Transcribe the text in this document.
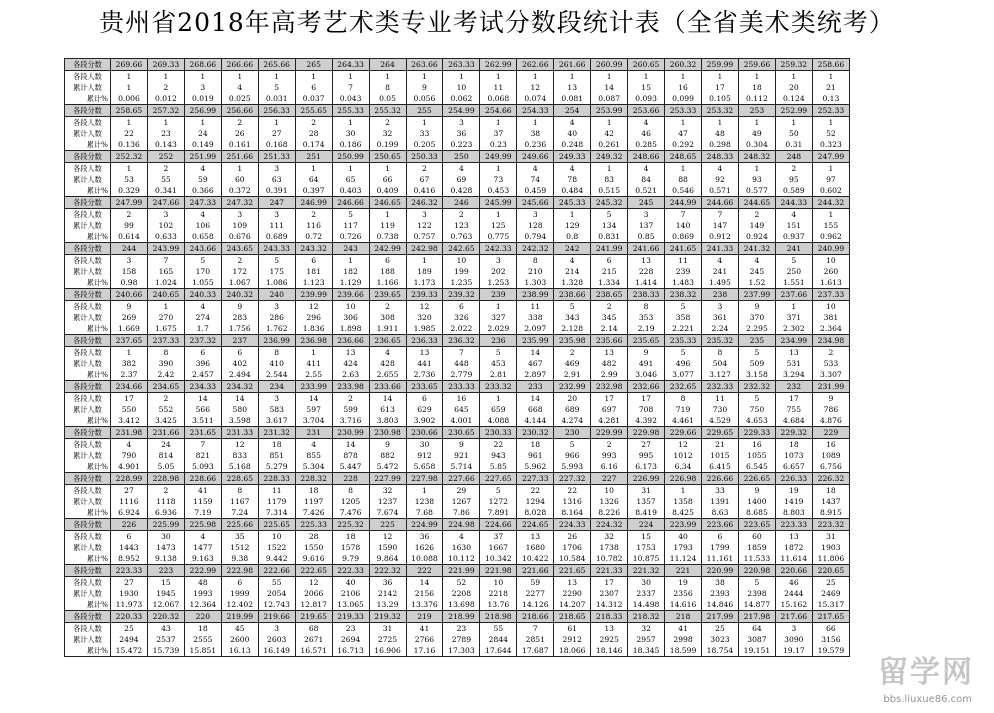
贵州省2018年高考艺术类专业考试分数段统计表（全省美术类统考）
各段分数	269.66	269.33	268.66	266.66	265.66	265	264.33	264	263.66	263.33	262.99	262.66	261.66	260.99	260.65	260.32	259.99	259.66	259.32	258.66
各段人数	1	1	1	1	1	1	1	1	1	1	1	1	1	1	1	1	1	1	1	1
累计人数	1	2	3	4	5	6	7	8	9	10	11	12	13	14	15	16	17	18	20	21
累计%	0.006	0.012	0.019	0.025	0.031	0.037	0.043	0.05	0.056	0.062	0.068	0.074	0.081	0.087	0.093	0.099	0.105	0.112	0.124	0.13
各段分数	258.65	257.32	256.99	256.66	256.33	255.65	255.33	255.32	255	254.99	254.66	254.33	254	253.99	253.66	253.33	253.32	253	252.99	252.33
各段人数	1	1	1	2	1	2	1	2	1	3	1	1	4	1	4	1	1	1	1	1
累计人数	22	23	24	26	27	28	30	32	33	36	37	38	40	42	46	47	48	49	50	52
累计%	0.136	0.143	0.149	0.161	0.168	0.174	0.186	0.199	0.205	0.223	0.23	0.236	0.248	0.261	0.285	0.292	0.298	0.304	0.31	0.323
各段分数	252.32	252	251.99	251.66	251.33	251	250.99	250.65	250.33	250	249.99	249.66	249.33	249.32	248.66	248.65	248.33	248.32	248	247.99
各段人数	1	2	4	1	3	1	1	1	2	4	1	4	4	1	4	1	4	1	2	1
累计人数	53	55	59	60	63	64	65	66	67	69	73	74	78	83	84	88	92	93	95	97
累计%	0.329	0.341	0.366	0.372	0.391	0.397	0.403	0.409	0.416	0.428	0.453	0.459	0.484	0.515	0.521	0.546	0.571	0.577	0.589	0.602
各段分数	247.99	247.66	247.33	247.32	247	246.99	246.66	246.65	246.32	246	245.99	245.66	245.33	245.32	245	244.99	244.66	244.65	244.33	244.32
各段人数	2	3	4	3	3	2	5	1	3	2	1	3	1	5	3	7	7	2	4	1
累计人数	99	102	106	109	111	116	117	119	122	123	125	128	129	134	137	140	147	149	151	155
累计%	0.614	0.633	0.658	0.676	0.689	0.72	0.726	0.738	0.757	0.763	0.775	0.794	0.8	0.831	0.85	0.869	0.912	0.924	0.937	0.962
各段分数	244	243.99	243.66	243.65	243.33	243.32	243	242.99	242.98	242.65	242.33	242.32	242	241.99	241.66	241.65	241.33	241.32	241	240.99
各段人数	3	7	5	2	5	6	1	6	1	10	3	8	4	6	13	11	4	4	5	10
累计人数	158	165	170	172	175	181	182	188	189	199	202	210	214	215	228	239	241	245	250	260
累计%	0.98	1.024	1.055	1.067	1.086	1.123	1.129	1.166	1.173	1.235	1.253	1.303	1.328	1.334	1.414	1.483	1.495	1.52	1.551	1.613
各段分数	240.66	240.65	240.33	240.32	240	239.99	239.66	239.65	239.33	239.32	239	238.99	238.66	238.65	238.33	238.32	238	237.99	237.66	237.33
各段人数	9	1	4	9	3	12	10	2	12	6	1	11	5	2	8	5	3	9	1	10
累计人数	269	270	274	283	286	296	306	308	320	326	327	338	343	345	353	358	361	370	371	381
累计%	1.669	1.675	1.7	1.756	1.762	1.836	1.898	1.911	1.985	2.022	2.029	2.097	2.128	2.14	2.19	2.221	2.24	2.295	2.302	2.364
各段分数	237.65	237.33	237.32	237	236.99	236.98	236.66	236.65	236.33	236.32	236	235.99	235.98	235.66	235.65	235.33	235.32	235	234.99	234.98
各段人数	1	8	6	6	8	1	13	4	13	7	5	14	2	13	9	5	8	5	13	2
累计人数	382	390	396	402	410	411	424	428	441	448	453	467	469	482	491	496	504	509	531	533
累计%	2.37	2.42	2.457	2.494	2.544	2.55	2.63	2.655	2.736	2.779	2.81	2.897	2.91	2.99	3.046	3.077	3.127	3.158	3.294	3.307
各段分数	234.66	234.65	234.33	234.32	234	233.99	233.98	233.66	233.65	233.33	233.32	233	232.99	232.98	232.66	232.65	232.33	232.32	232	231.99
各段人数	17	2	14	14	3	14	2	14	6	16	1	14	20	17	17	8	11	5	17	9
累计人数	550	552	566	580	583	597	599	613	629	645	659	668	689	697	708	719	730	750	755	786
累计%	3.412	3.425	3.511	3.598	3.617	3.704	3.716	3.803	3.902	4.001	4.088	4.144	4.274	4.281	4.392	4.461	4.529	4.653	4.684	4.876
各段分数	231.98	231.66	231.65	231.33	231.32	231	230.99	230.98	230.66	230.65	230.33	230.32	230	229.99	229.98	229.66	229.65	229.33	229.32	229
各段人数	4	24	7	12	18	4	14	9	30	9	22	18	5	2	27	12	21	16	18	16
累计人数	790	814	821	833	851	855	878	882	912	921	943	961	966	993	995	1012	1015	1055	1073	1089
累计%	4.901	5.05	5.093	5.168	5.279	5.304	5.447	5.472	5.658	5.714	5.85	5.962	5.993	6.16	6.173	6.34	6.415	6.545	6.657	6.756
各段分数	228.99	228.98	228.66	228.65	228.33	228.32	228	227.99	227.98	227.66	227.65	227.33	227.32	227	226.99	226.98	226.66	226.65	226.33	226.32
各段人数	27	2	41	8	11	18	8	32	1	29	5	22	22	10	31	1	33	9	19	18
累计人数	1116	1118	1159	1167	1179	1197	1205	1237	1238	1267	1272	1294	1316	1326	1357	1358	1391	1400	1419	1437
累计%	6.924	6.936	7.19	7.24	7.314	7.426	7.476	7.674	7.68	7.86	7.891	8.028	8.164	8.226	8.419	8.425	8.63	8.685	8.803	8.915
各段分数	226	225.99	225.98	225.66	225.65	225.33	225.32	225	224.99	224.98	224.66	224.65	224.33	224.32	224	223.99	223.66	223.65	223.33	223.32
各段人数	6	30	4	35	10	28	18	12	36	4	37	13	26	32	15	40	6	60	13	31
累计人数	1443	1473	1477	1512	1522	1550	1578	1590	1626	1630	1667	1680	1706	1738	1753	1793	1799	1859	1872	1903
累计%	8.952	9.138	9.163	9.38	9.442	9.616	9.79	9.864	10.088	10.112	10.342	10.422	10.584	10.782	10.875	11.124	11.161	11.533	11.614	11.806
各段分数	223.33	223	222.99	222.98	222.66	222.65	222.33	222.32	222	221.99	221.98	221.66	221.65	221.33	221.32	221	220.99	220.98	220.66	220.65
各段人数	27	15	48	6	55	12	40	36	14	52	10	59	13	17	30	19	38	5	46	25
累计人数	1930	1945	1993	1999	2054	2066	2106	2142	2156	2208	2218	2277	2290	2307	2337	2356	2393	2398	2444	2469
累计%	11.973	12.067	12.364	12.402	12.743	12.817	13.065	13.29	13.376	13.698	13.76	14.126	14.207	14.312	14.498	14.616	14.846	14.877	15.162	15.317
各段分数	220.33	220.32	220	219.99	219.66	219.65	219.33	219.32	219	218.99	218.98	218.66	218.65	218.33	218.32	218	217.99	217.98	217.66	217.65
各段人数	25	43	18	45	3	68	23	31	41	23	55	7	61	13	32	41	25	64	3	66
累计人数	2494	2537	2555	2600	2603	2671	2694	2725	2766	2789	2844	2851	2912	2925	2957	2998	3023	3087	3090	3156
累计%	15.472	15.739	15.851	16.13	16.149	16.571	16.713	16.906	17.16	17.303	17.644	17.687	18.066	18.146	18.345	18.599	18.754	19.151	19.17	19.579
留学网
bbs.liuxue86.com
